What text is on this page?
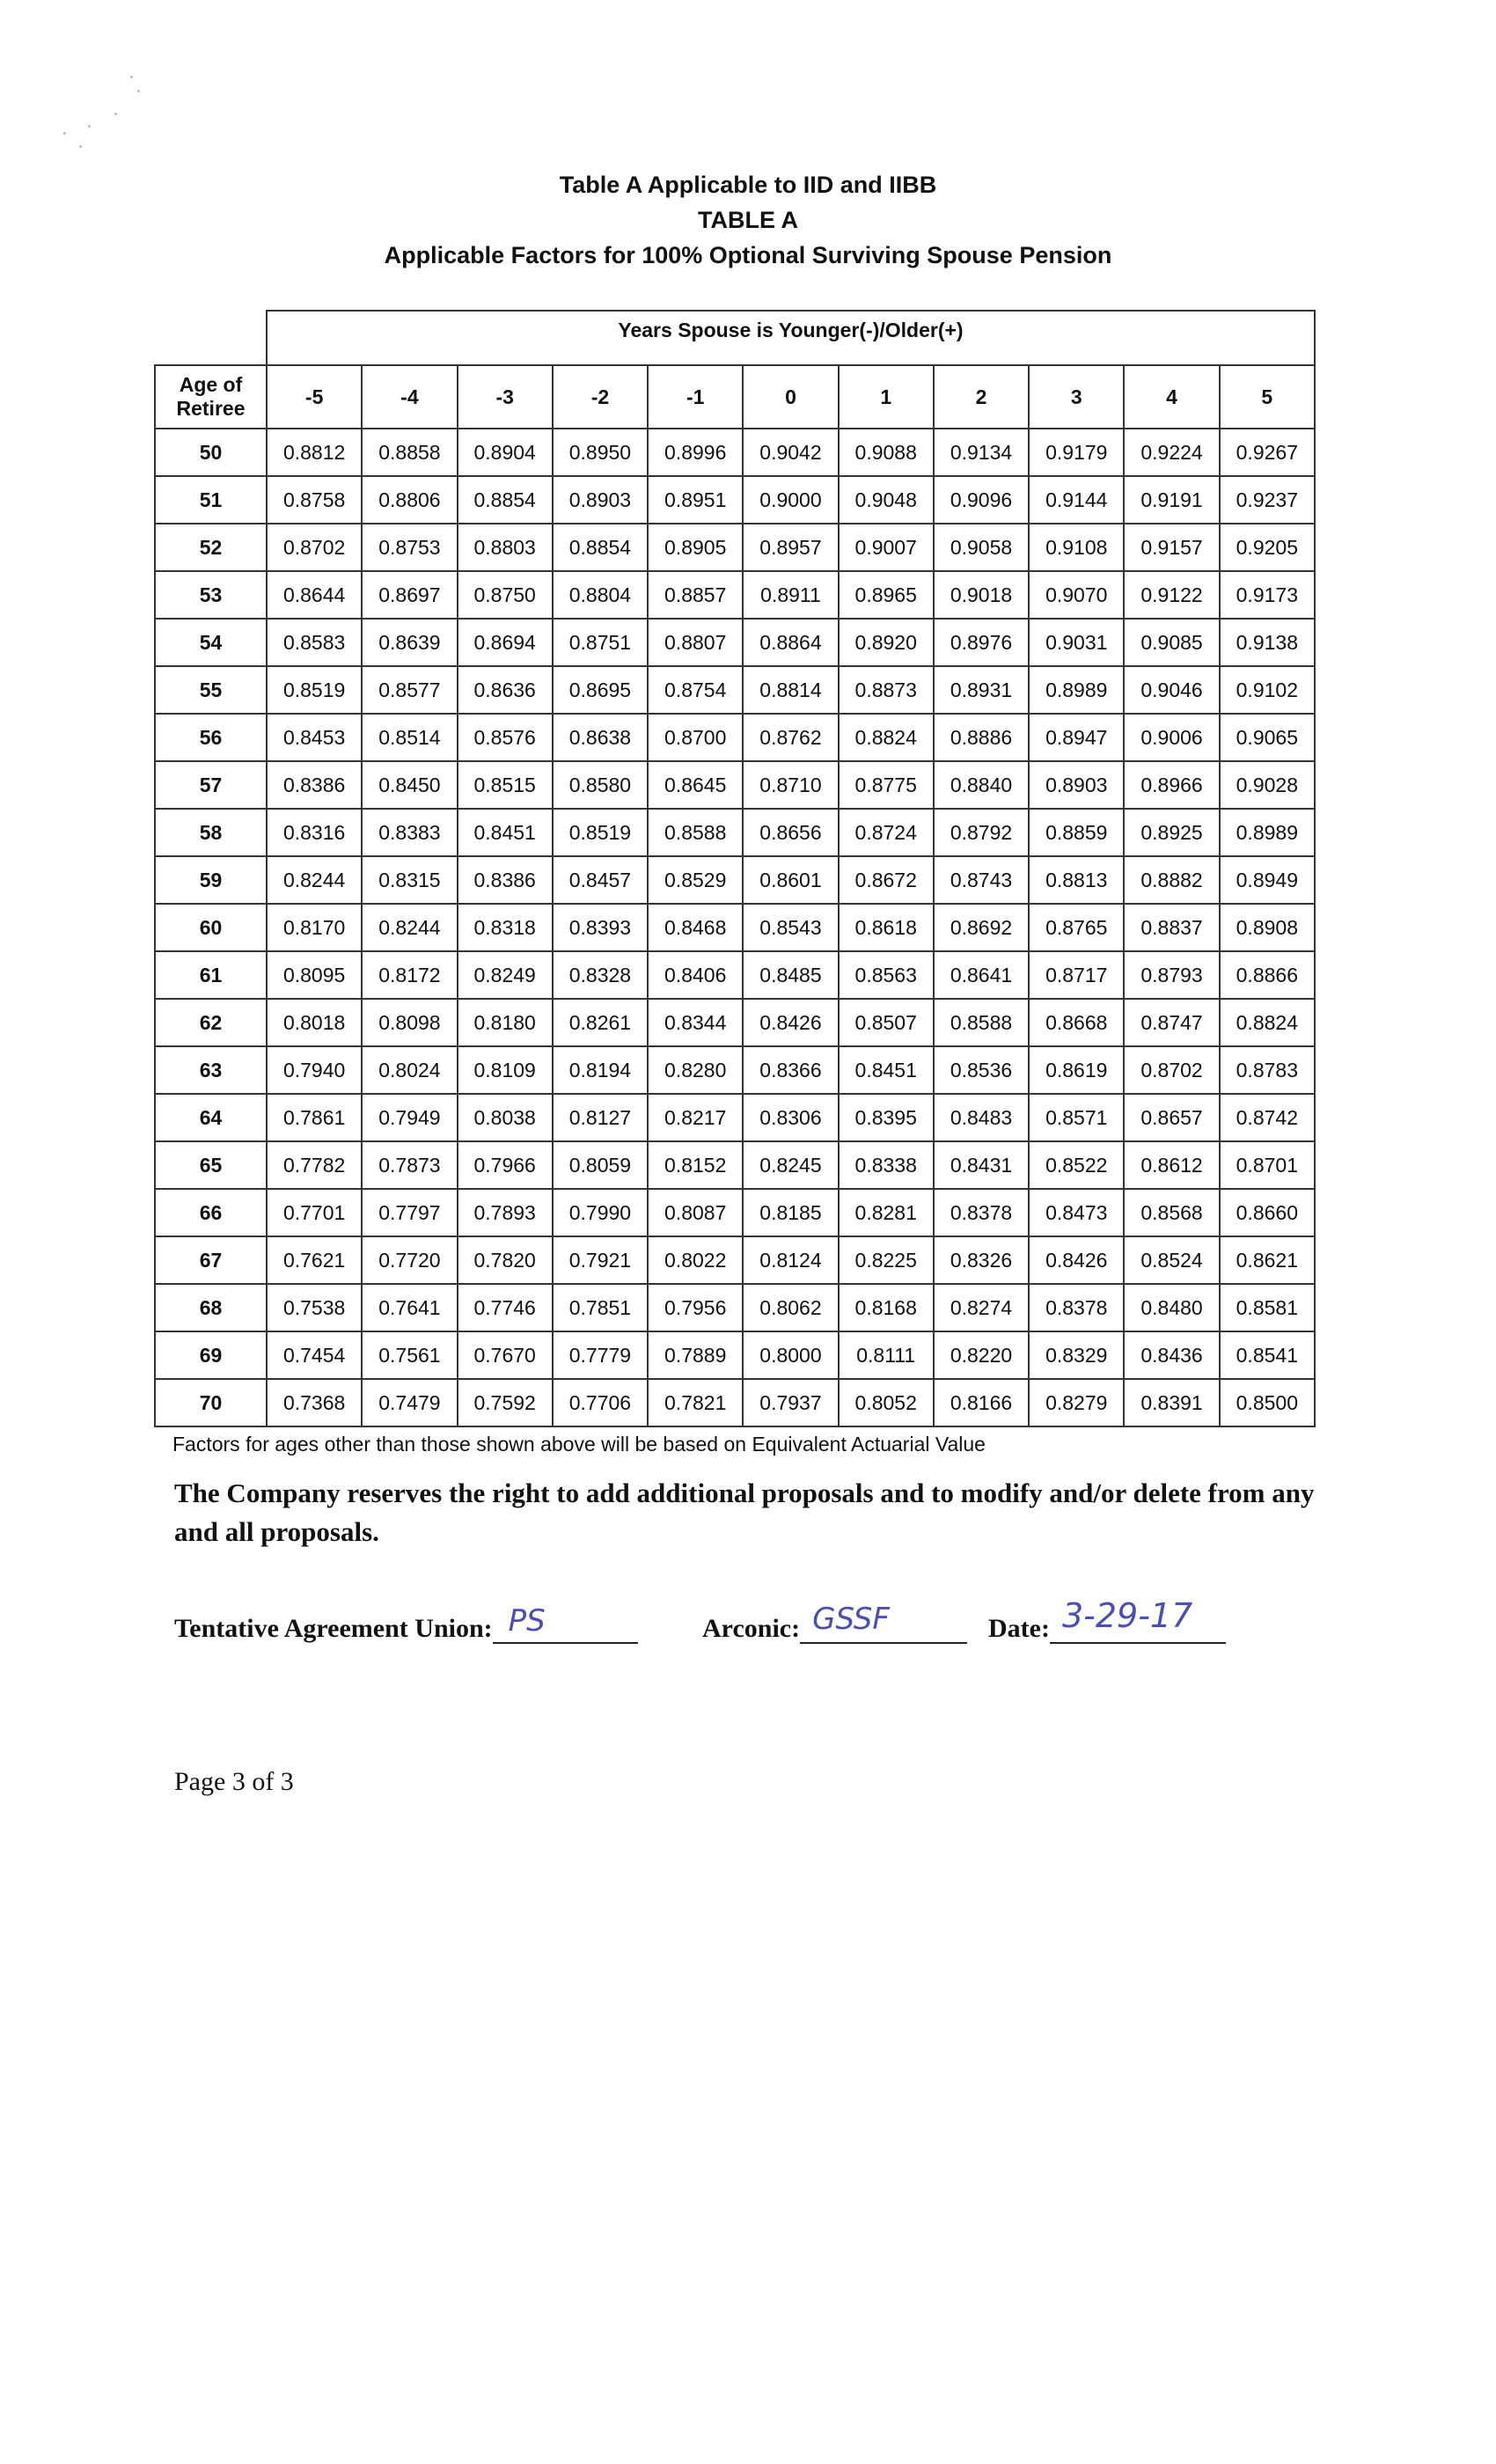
Table A Applicable to IID and IIBB
TABLE A
Applicable Factors for 100% Optional Surviving Spouse Pension
	Years Spouse is Younger(-)/Older(+)										
Age of Retiree	-5	-4	-3	-2	-1	0	1	2	3	4	5
50	0.8812	0.8858	0.8904	0.8950	0.8996	0.9042	0.9088	0.9134	0.9179	0.9224	0.9267
51	0.8758	0.8806	0.8854	0.8903	0.8951	0.9000	0.9048	0.9096	0.9144	0.9191	0.9237
52	0.8702	0.8753	0.8803	0.8854	0.8905	0.8957	0.9007	0.9058	0.9108	0.9157	0.9205
53	0.8644	0.8697	0.8750	0.8804	0.8857	0.8911	0.8965	0.9018	0.9070	0.9122	0.9173
54	0.8583	0.8639	0.8694	0.8751	0.8807	0.8864	0.8920	0.8976	0.9031	0.9085	0.9138
55	0.8519	0.8577	0.8636	0.8695	0.8754	0.8814	0.8873	0.8931	0.8989	0.9046	0.9102
56	0.8453	0.8514	0.8576	0.8638	0.8700	0.8762	0.8824	0.8886	0.8947	0.9006	0.9065
57	0.8386	0.8450	0.8515	0.8580	0.8645	0.8710	0.8775	0.8840	0.8903	0.8966	0.9028
58	0.8316	0.8383	0.8451	0.8519	0.8588	0.8656	0.8724	0.8792	0.8859	0.8925	0.8989
59	0.8244	0.8315	0.8386	0.8457	0.8529	0.8601	0.8672	0.8743	0.8813	0.8882	0.8949
60	0.8170	0.8244	0.8318	0.8393	0.8468	0.8543	0.8618	0.8692	0.8765	0.8837	0.8908
61	0.8095	0.8172	0.8249	0.8328	0.8406	0.8485	0.8563	0.8641	0.8717	0.8793	0.8866
62	0.8018	0.8098	0.8180	0.8261	0.8344	0.8426	0.8507	0.8588	0.8668	0.8747	0.8824
63	0.7940	0.8024	0.8109	0.8194	0.8280	0.8366	0.8451	0.8536	0.8619	0.8702	0.8783
64	0.7861	0.7949	0.8038	0.8127	0.8217	0.8306	0.8395	0.8483	0.8571	0.8657	0.8742
65	0.7782	0.7873	0.7966	0.8059	0.8152	0.8245	0.8338	0.8431	0.8522	0.8612	0.8701
66	0.7701	0.7797	0.7893	0.7990	0.8087	0.8185	0.8281	0.8378	0.8473	0.8568	0.8660
67	0.7621	0.7720	0.7820	0.7921	0.8022	0.8124	0.8225	0.8326	0.8426	0.8524	0.8621
68	0.7538	0.7641	0.7746	0.7851	0.7956	0.8062	0.8168	0.8274	0.8378	0.8480	0.8581
69	0.7454	0.7561	0.7670	0.7779	0.7889	0.8000	0.8111	0.8220	0.8329	0.8436	0.8541
70	0.7368	0.7479	0.7592	0.7706	0.7821	0.7937	0.8052	0.8166	0.8279	0.8391	0.8500
Factors for ages other than those shown above will be based on Equivalent Actuarial Value
The Company reserves the right to add additional proposals and to modify and/or delete from any and all proposals.
Tentative Agreement Union: PS	Arconic: GSSF	Date: 3-29-17
Page 3 of 3
